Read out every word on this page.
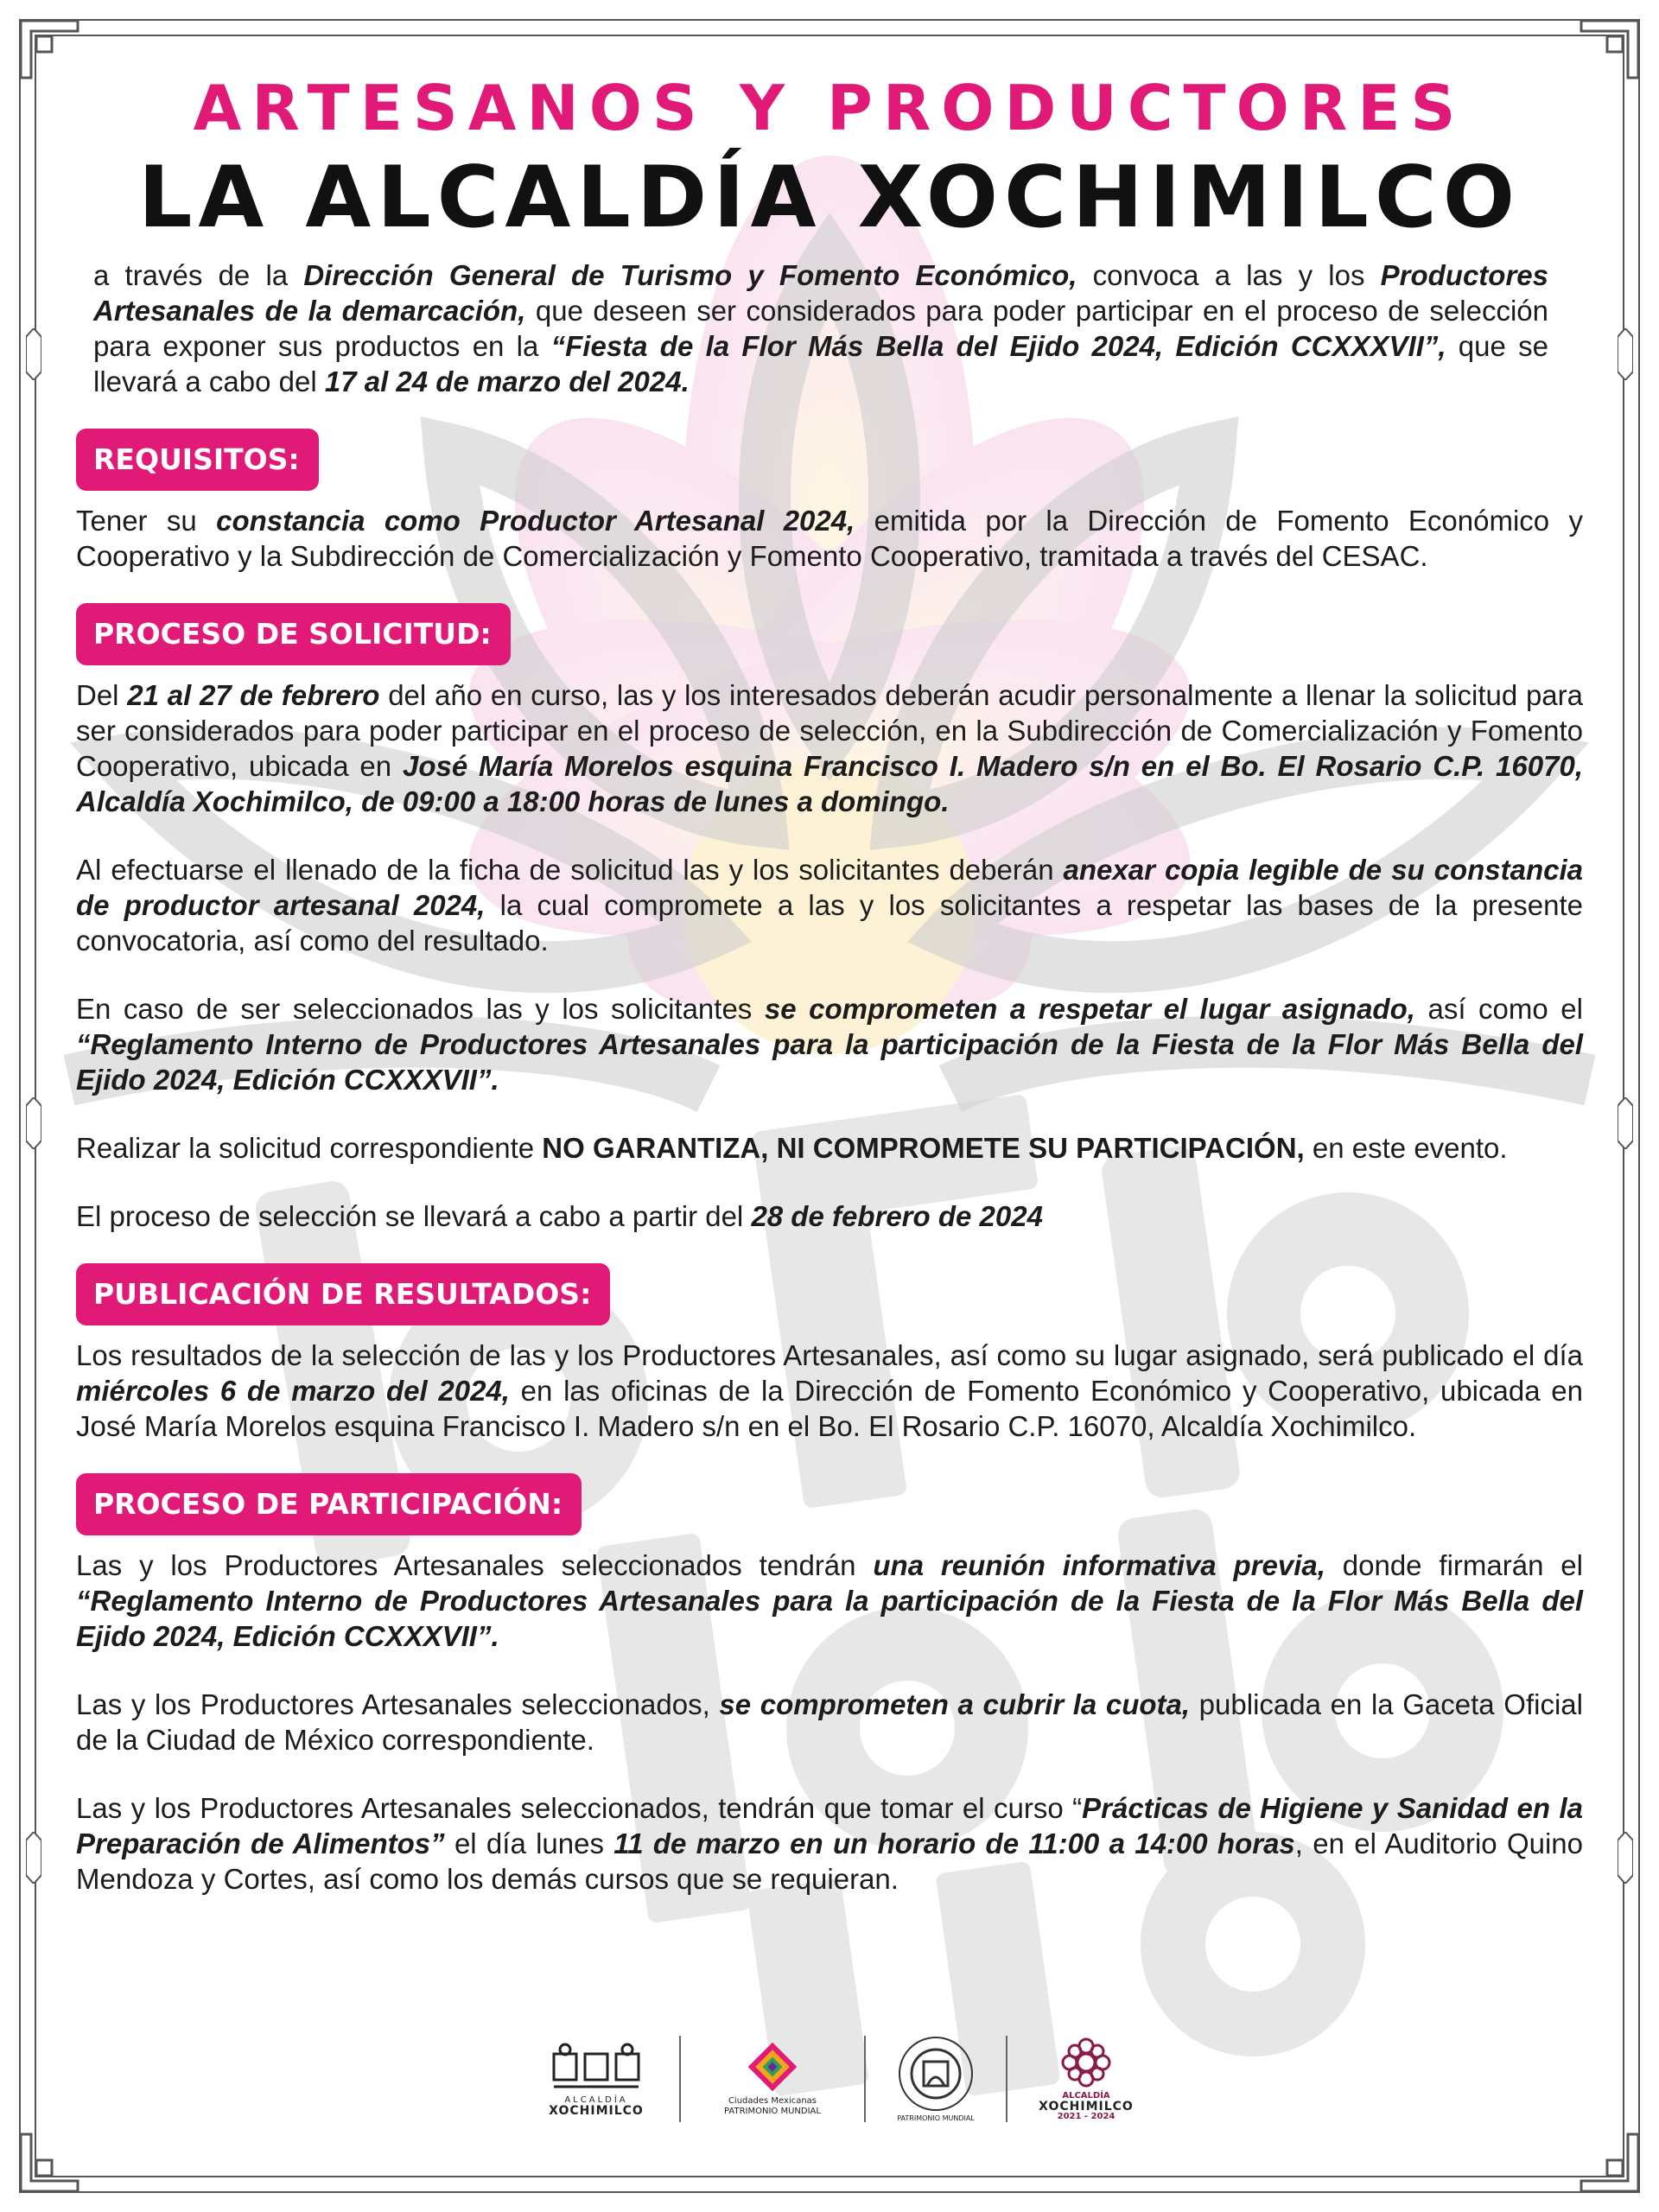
ARTESANOS Y PRODUCTORES
LA ALCALDÍA XOCHIMILCO

a través de la Dirección General de Turismo y Fomento Económico, convoca a las y los Productores Artesanales de la demarcación, que deseen ser considerados para poder participar en el proceso de selección para exponer sus productos en la “Fiesta de la Flor Más Bella del Ejido 2024, Edición CCXXXVII”, que se llevará a cabo del 17 al 24 de marzo del 2024.

REQUISITOS:

Tener su constancia como Productor Artesanal 2024, emitida por la Dirección de Fomento Económico y Cooperativo y la Subdirección de Comercialización y Fomento Cooperativo, tramitada a través del CESAC.

PROCESO DE SOLICITUD:

Del 21 al 27 de febrero del año en curso, las y los interesados deberán acudir personalmente a llenar la solicitud para ser considerados para poder participar en el proceso de selección, en la Subdirección de Comercialización y Fomento Cooperativo, ubicada en José María Morelos esquina Francisco I. Madero s/n en el Bo. El Rosario C.P. 16070, Alcaldía Xochimilco, de 09:00 a 18:00 horas de lunes a domingo.

Al efectuarse el llenado de la ficha de solicitud las y los solicitantes deberán anexar copia legible de su constancia de productor artesanal 2024, la cual compromete a las y los solicitantes a respetar las bases de la presente convocatoria, así como del resultado.

En caso de ser seleccionados las y los solicitantes se comprometen a respetar el lugar asignado, así como el “Reglamento Interno de Productores Artesanales para la participación de la Fiesta de la Flor Más Bella del Ejido 2024, Edición CCXXXVII”.

Realizar la solicitud correspondiente NO GARANTIZA, NI COMPROMETE SU PARTICIPACIÓN, en este evento.

El proceso de selección se llevará a cabo a partir del 28 de febrero de 2024

PUBLICACIÓN DE RESULTADOS:

Los resultados de la selección de las y los Productores Artesanales, así como su lugar asignado, será publicado el día miércoles 6 de marzo del 2024, en las oficinas de la Dirección de Fomento Económico y Cooperativo, ubicada en José María Morelos esquina Francisco I. Madero s/n en el Bo. El Rosario C.P. 16070, Alcaldía Xochimilco.

PROCESO DE PARTICIPACIÓN:

Las y los Productores Artesanales seleccionados tendrán una reunión informativa previa, donde firmarán el “Reglamento Interno de Productores Artesanales para la participación de la Fiesta de la Flor Más Bella del Ejido 2024, Edición CCXXXVII”.

Las y los Productores Artesanales seleccionados, se comprometen a cubrir la cuota, publicada en la Gaceta Oficial de la Ciudad de México correspondiente.

Las y los Productores Artesanales seleccionados, tendrán que tomar el curso “Prácticas de Higiene y Sanidad en la Preparación de Alimentos” el día lunes 11 de marzo en un horario de 11:00 a 14:00 horas, en el Auditorio Quino Mendoza y Cortes, así como los demás cursos que se requieran.

ALCALDÍA
XOCHIMILCO
Ciudades Mexicanas
PATRIMONIO MUNDIAL
PATRIMONIO MUNDIAL
ALCALDÍA
XOCHIMILCO
2021 - 2024
